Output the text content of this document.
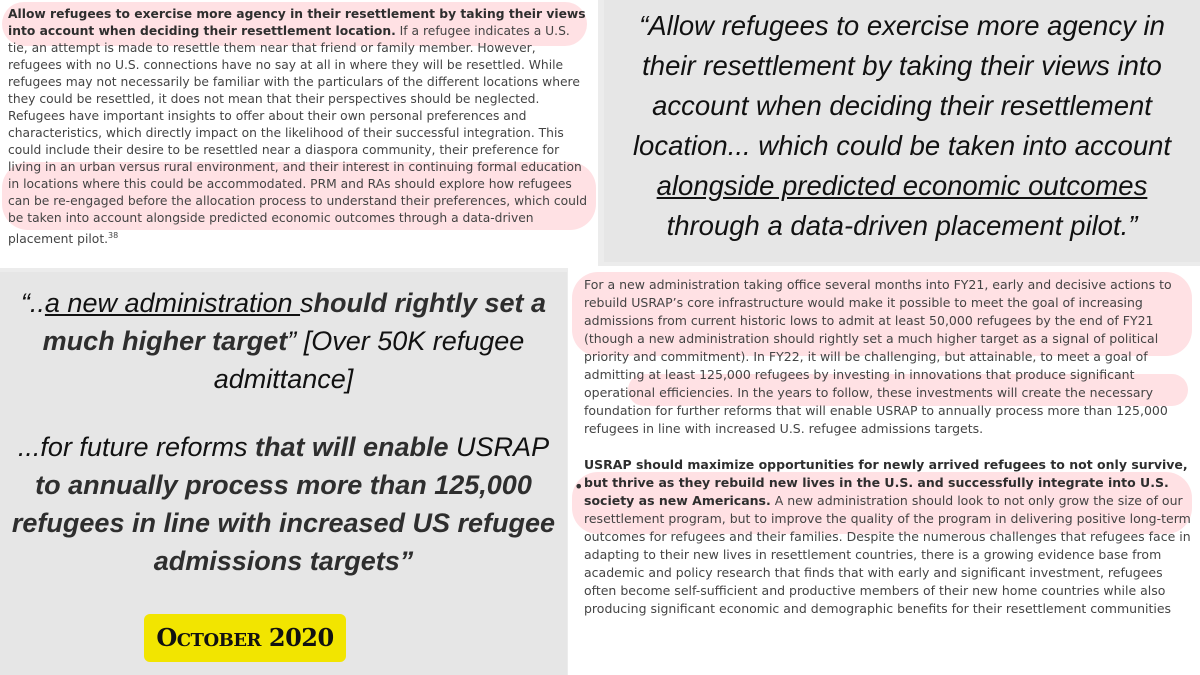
Allow refugees to exercise more agency in their resettlement by taking their views into account when deciding their resettlement location. If a refugee indicates a U.S. tie, an attempt is made to resettle them near that friend or family member. However, refugees with no U.S. connections have no say at all in where they will be resettled. While refugees may not necessarily be familiar with the particulars of the different locations where they could be resettled, it does not mean that their perspectives should be neglected. Refugees have important insights to offer about their own personal preferences and characteristics, which directly impact on the likelihood of their successful integration. This could include their desire to be resettled near a diaspora community, their preference for living in an urban versus rural environment, and their interest in continuing formal education in locations where this could be accommodated. PRM and RAs should explore how refugees can be re-engaged before the allocation process to understand their preferences, which could be taken into account alongside predicted economic outcomes through a data-driven placement pilot.$^{38}$
“Allow refugees to exercise more agency in their resettlement by taking their views into account when deciding their resettlement location... which could be taken into account alongside predicted economic outcomes through a data-driven placement pilot.”

“..a new administration should rightly set a much higher target” [Over 50K refugee admittance]

...for future reforms that will enable USRAP to annually process more than 125,000 refugees in line with increased US refugee admissions targets”

OCTOBER 2020
For a new administration taking office several months into FY21, early and decisive actions to rebuild USRAP’s core infrastructure would make it possible to meet the goal of increasing admissions from current historic lows to admit at least 50,000 refugees by the end of FY21 (though a new administration should rightly set a much higher target as a signal of political priority and commitment). In FY22, it will be challenging, but attainable, to meet a goal of admitting at least 125,000 refugees by investing in innovations that produce significant operational efficiencies. In the years to follow, these investments will create the necessary foundation for further reforms that will enable USRAP to annually process more than 125,000 refugees in line with increased U.S. refugee admissions targets.
•
USRAP should maximize opportunities for newly arrived refugees to not only survive, but thrive as they rebuild new lives in the U.S. and successfully integrate into U.S. society as new Americans. A new administration should look to not only grow the size of our resettlement program, but to improve the quality of the program in delivering positive long-term outcomes for refugees and their families. Despite the numerous challenges that refugees face in adapting to their new lives in resettlement countries, there is a growing evidence base from academic and policy research that finds that with early and significant investment, refugees often become self-sufficient and productive members of their new home countries while also producing significant economic and demographic benefits for their resettlement communities
